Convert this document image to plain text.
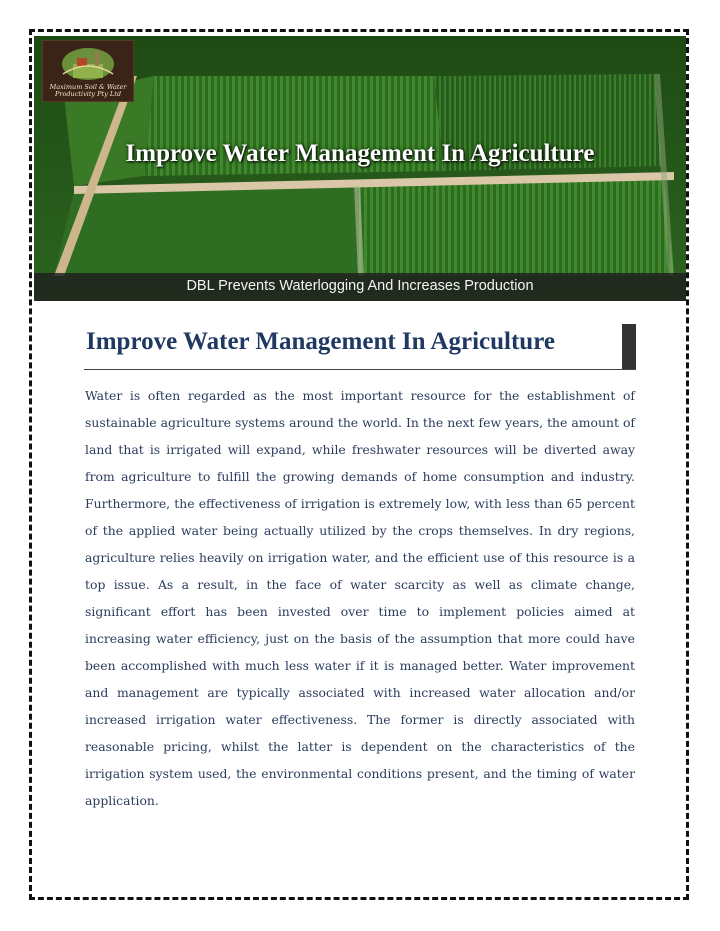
Maximum Soil & Water Productivity Pty Ltd
Improve Water Management In Agriculture
DBL Prevents Waterlogging And Increases Production
Improve Water Management In Agriculture

Water is often regarded as the most important resource for the establishment of sustainable agriculture systems around the world. In the next few years, the amount of land that is irrigated will expand, while freshwater resources will be diverted away from agriculture to fulfill the growing demands of home consumption and industry. Furthermore, the effectiveness of irrigation is extremely low, with less than 65 percent of the applied water being actually utilized by the crops themselves. In dry regions, agriculture relies heavily on irrigation water, and the efficient use of this resource is a top issue. As a result, in the face of water scarcity as well as climate change, significant effort has been invested over time to implement policies aimed at increasing water efficiency, just on the basis of the assumption that more could have been accomplished with much less water if it is managed better. Water improvement and management are typically associated with increased water allocation and/or increased irrigation water effectiveness. The former is directly associated with reasonable pricing, whilst the latter is dependent on the characteristics of the irrigation system used, the environmental conditions present, and the timing of water application.
